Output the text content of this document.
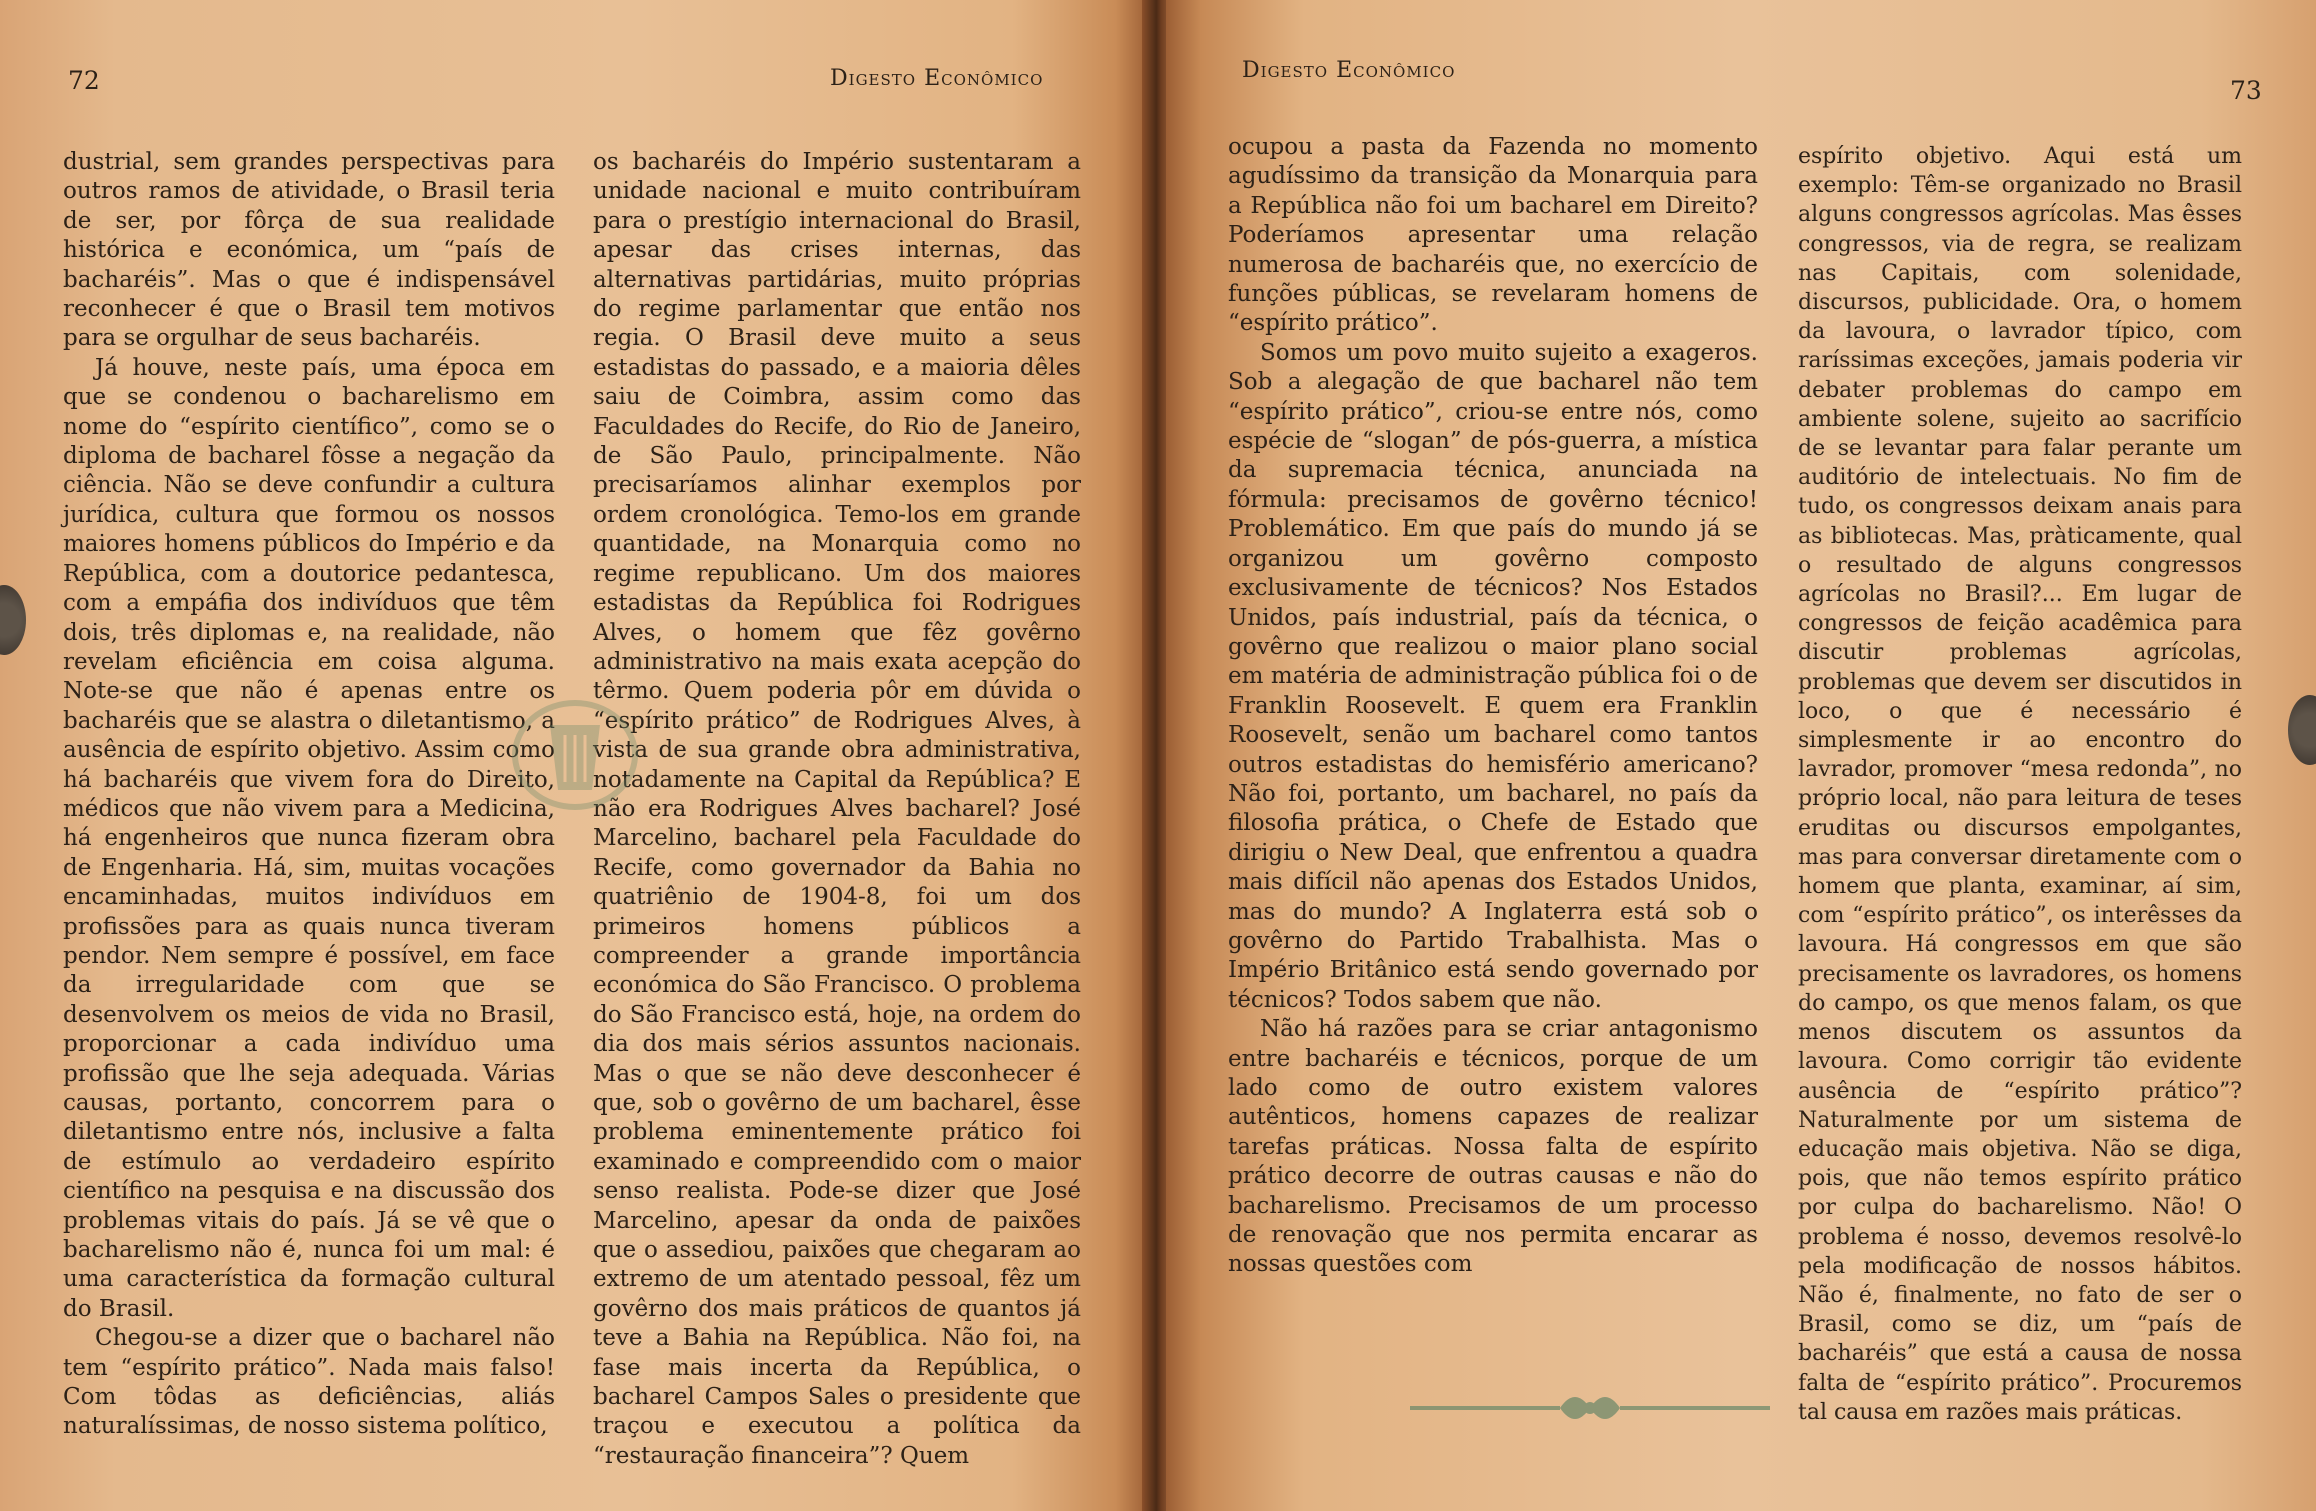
72	Digesto Econômico

dustrial, sem grandes perspectivas para outros ramos de atividade, o Brasil teria de ser, por fôrça de sua realidade histórica e económica, um “país de bacharéis”. Mas o que é indispensável reconhecer é que o Brasil tem motivos para se orgulhar de seus bacharéis.

Já houve, neste país, uma época em que se condenou o bacharelismo em nome do “espírito científico”, como se o diploma de bacharel fôsse a negação da ciência. Não se deve confundir a cultura jurídica, cultura que formou os nossos maiores homens públicos do Império e da República, com a doutorice pedantesca, com a empáfia dos indivíduos que têm dois, três diplomas e, na realidade, não revelam eficiência em coisa alguma. Note-se que não é apenas entre os bacharéis que se alastra o diletantismo, a ausência de espírito objetivo. Assim como há bacharéis que vivem fora do Direito, médicos que não vivem para a Medicina, há engenheiros que nunca fizeram obra de Engenharia. Há, sim, muitas vocações encaminhadas, muitos indivíduos em profissões para as quais nunca tiveram pendor. Nem sempre é possível, em face da irregularidade com que se desenvolvem os meios de vida no Brasil, proporcionar a cada indivíduo uma profissão que lhe seja adequada. Várias causas, portanto, concorrem para o diletantismo entre nós, inclusive a falta de estímulo ao verdadeiro espírito científico na pesquisa e na discussão dos problemas vitais do país. Já se vê que o bacharelismo não é, nunca foi um mal: é uma característica da formação cultural do Brasil.

Chegou-se a dizer que o bacharel não tem “espírito prático”. Nada mais falso! Com tôdas as deficiências, aliás naturalíssimas, de nosso sistema político,

os bacharéis do Império sustentaram a unidade nacional e muito contribuíram para o prestígio internacional do Brasil, apesar das crises internas, das alternativas partidárias, muito próprias do regime parlamentar que então nos regia. O Brasil deve muito a seus estadistas do passado, e a maioria dêles saiu de Coimbra, assim como das Faculdades do Recife, do Rio de Janeiro, de São Paulo, principalmente. Não precisaríamos alinhar exemplos por ordem cronológica. Temo-los em grande quantidade, na Monarquia como no regime republicano. Um dos maiores estadistas da República foi Rodrigues Alves, o homem que fêz govêrno administrativo na mais exata acepção do têrmo. Quem poderia pôr em dúvida o “espírito prático” de Rodrigues Alves, à vista de sua grande obra administrativa, notadamente na Capital da República? E não era Rodrigues Alves bacharel? José Marcelino, bacharel pela Faculdade do Recife, como governador da Bahia no quatriênio de 1904-8, foi um dos primeiros homens públicos a compreender a grande importância económica do São Francisco. O problema do São Francisco está, hoje, na ordem do dia dos mais sérios assuntos nacionais. Mas o que se não deve desconhecer é que, sob o govêrno de um bacharel, êsse problema eminentemente prático foi examinado e compreendido com o maior senso realista. Pode-se dizer que José Marcelino, apesar da onda de paixões que o assediou, paixões que chegaram ao extremo de um atentado pessoal, fêz um govêrno dos mais práticos de quantos já teve a Bahia na República. Não foi, na fase mais incerta da República, o bacharel Campos Sales o presidente que traçou e executou a política da “restauração financeira”? Quem

Digesto Econômico
73

ocupou a pasta da Fazenda no momento agudíssimo da transição da Monarquia para a República não foi um bacharel em Direito? Poderíamos apresentar uma relação numerosa de bacharéis que, no exercício de funções públicas, se revelaram homens de “espírito prático”.

Somos um povo muito sujeito a exageros. Sob a alegação de que bacharel não tem “espírito prático”, criou-se entre nós, como espécie de “slogan” de pós-guerra, a mística da supremacia técnica, anunciada na fórmula: precisamos de govêrno técnico! Problemático. Em que país do mundo já se organizou um govêrno composto exclusivamente de técnicos? Nos Estados Unidos, país industrial, país da técnica, o govêrno que realizou o maior plano social em matéria de administração pública foi o de Franklin Roosevelt. E quem era Franklin Roosevelt, senão um bacharel como tantos outros estadistas do hemisfério americano? Não foi, portanto, um bacharel, no país da filosofia prática, o Chefe de Estado que dirigiu o New Deal, que enfrentou a quadra mais difícil não apenas dos Estados Unidos, mas do mundo? A Inglaterra está sob o govêrno do Partido Trabalhista. Mas o Império Britânico está sendo governado por técnicos? Todos sabem que não.

Não há razões para se criar antagonismo entre bacharéis e técnicos, porque de um lado como de outro existem valores autênticos, homens capazes de realizar tarefas práticas. Nossa falta de espírito prático decorre de outras causas e não do bacharelismo. Precisamos de um processo de renovação que nos permita encarar as nossas questões com

espírito objetivo. Aqui está um exemplo: Têm-se organizado no Brasil alguns congressos agrícolas. Mas êsses congressos, via de regra, se realizam nas Capitais, com solenidade, discursos, publicidade. Ora, o homem da lavoura, o lavrador típico, com raríssimas exceções, jamais poderia vir debater problemas do campo em ambiente solene, sujeito ao sacrifício de se levantar para falar perante um auditório de intelectuais. No fim de tudo, os congressos deixam anais para as bibliotecas. Mas, pràticamente, qual o resultado de alguns congressos agrícolas no Brasil?... Em lugar de congressos de feição acadêmica para discutir problemas agrícolas, problemas que devem ser discutidos in loco, o que é necessário é simplesmente ir ao encontro do lavrador, promover “mesa redonda”, no próprio local, não para leitura de teses eruditas ou discursos empolgantes, mas para conversar diretamente com o homem que planta, examinar, aí sim, com “espírito prático”, os interêsses da lavoura. Há congressos em que são precisamente os lavradores, os homens do campo, os que menos falam, os que menos discutem os assuntos da lavoura. Como corrigir tão evidente ausência de “espírito prático”? Naturalmente por um sistema de educação mais objetiva. Não se diga, pois, que não temos espírito prático por culpa do bacharelismo. Não! O problema é nosso, devemos resolvê-lo pela modificação de nossos hábitos. Não é, finalmente, no fato de ser o Brasil, como se diz, um “país de bacharéis” que está a causa de nossa falta de “espírito prático”. Procuremos tal causa em razões mais práticas.
